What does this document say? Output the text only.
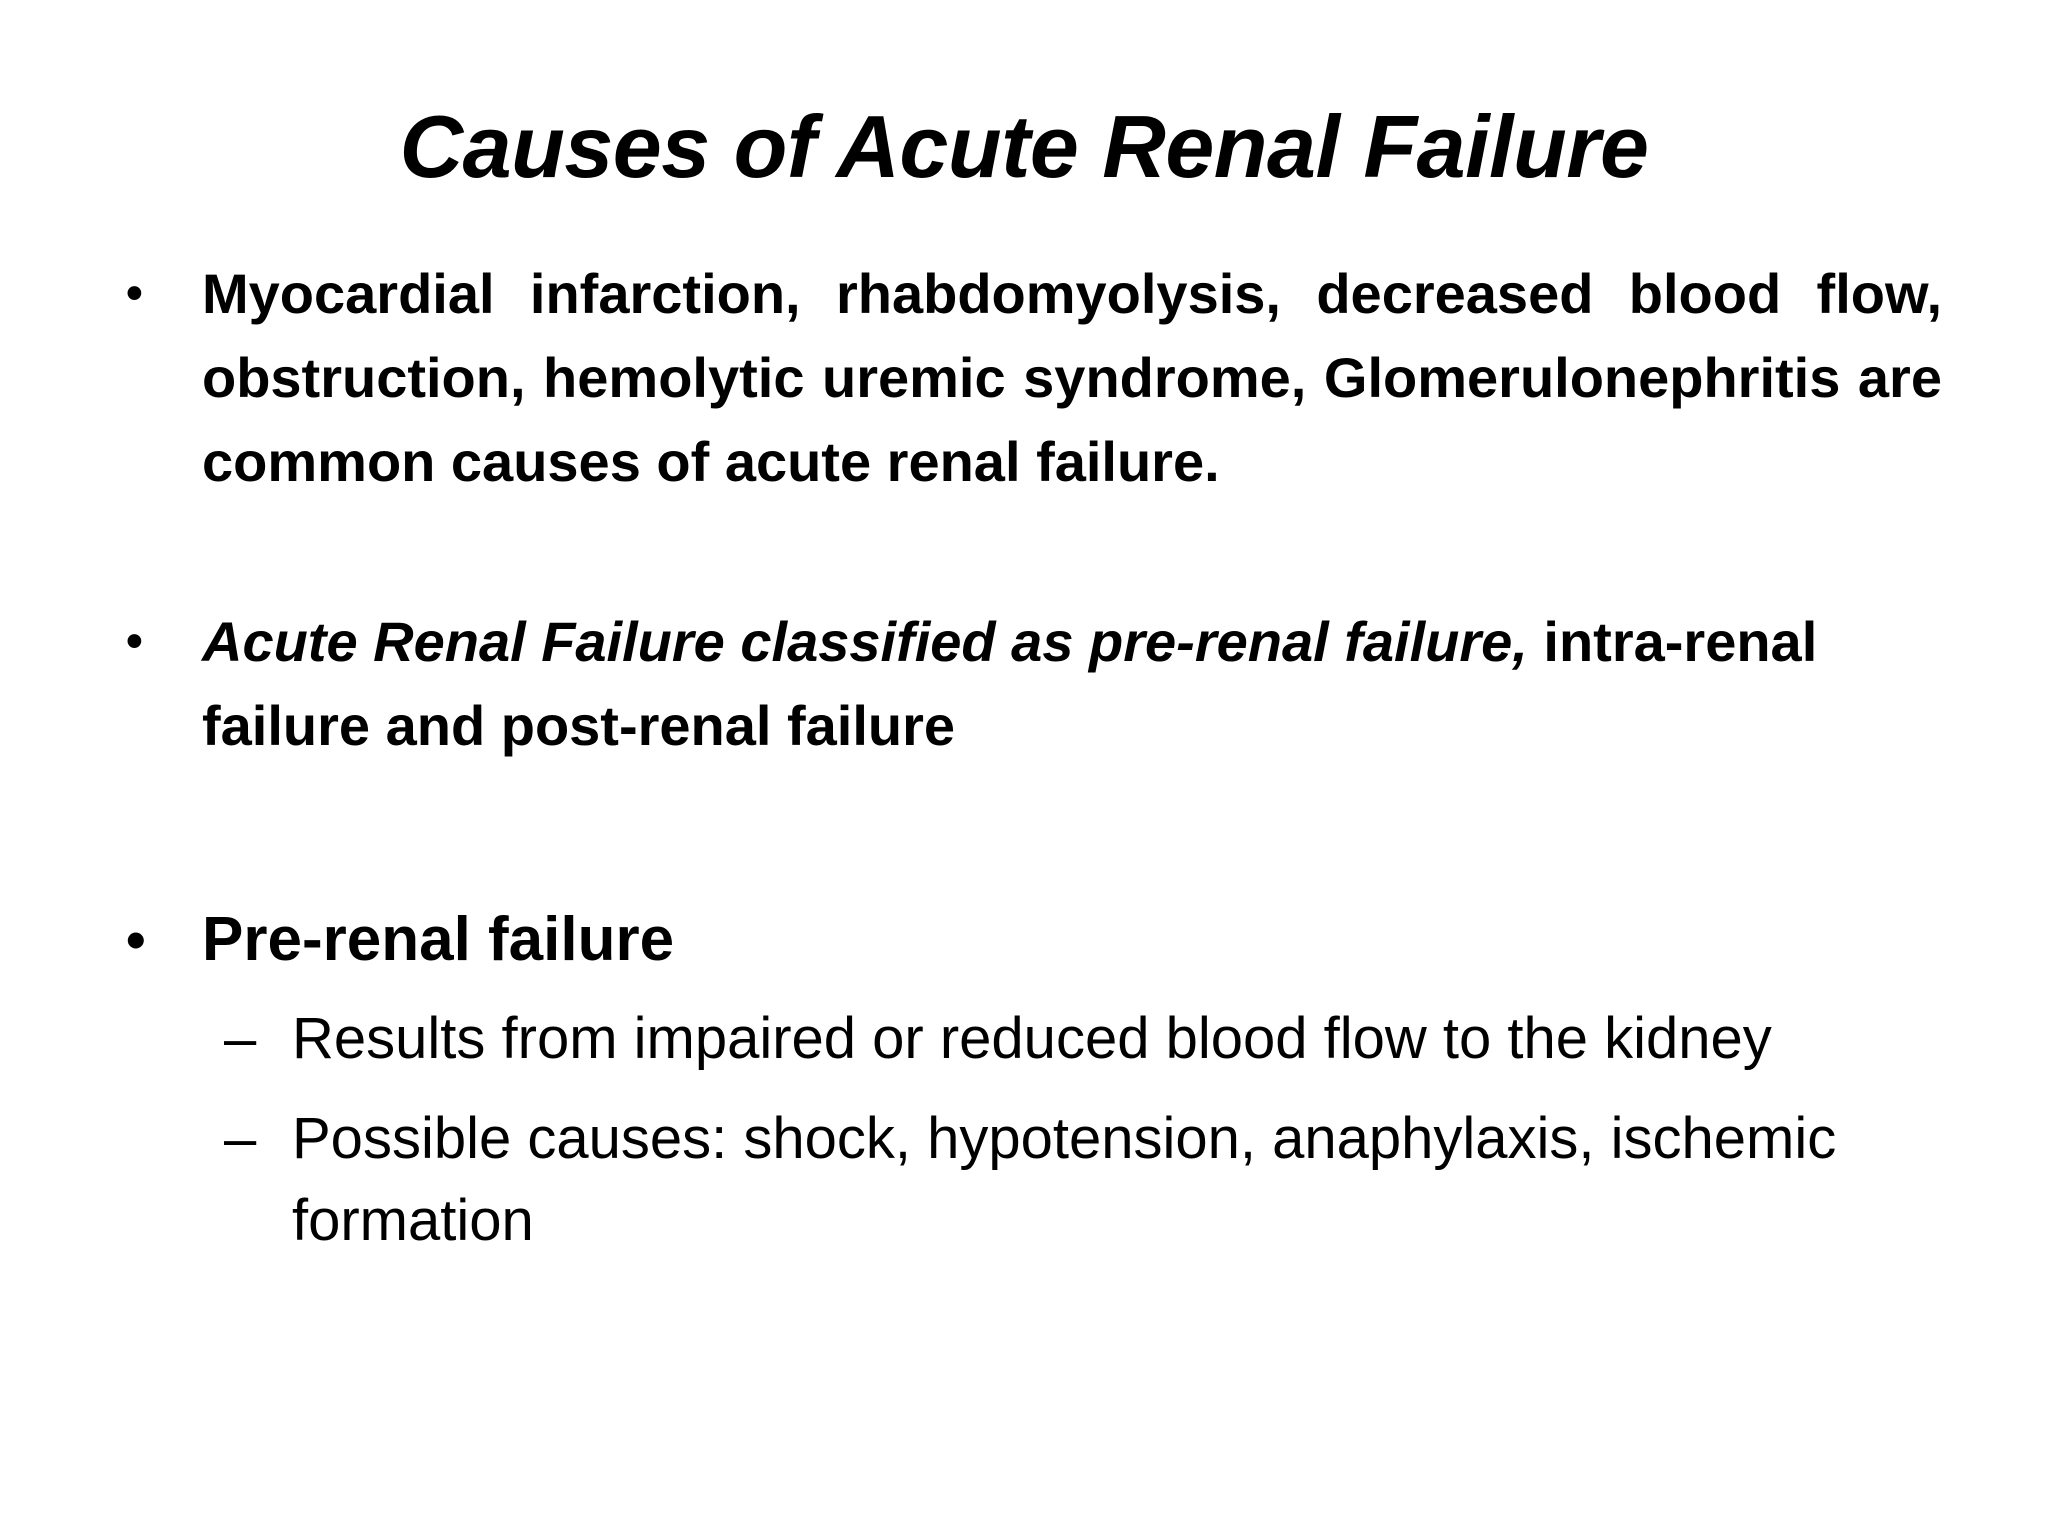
Causes of Acute Renal Failure
• Myocardial infarction, rhabdomyolysis, decreased blood flow, obstruction, hemolytic uremic syndrome, Glomerulonephritis are common causes of acute renal failure.
• Acute Renal Failure classified as pre-renal failure, intra-renal failure and post-renal failure
• Pre-renal failure
– Results from impaired or reduced blood flow to the kidney
– Possible causes: shock, hypotension, anaphylaxis, ischemic formation
